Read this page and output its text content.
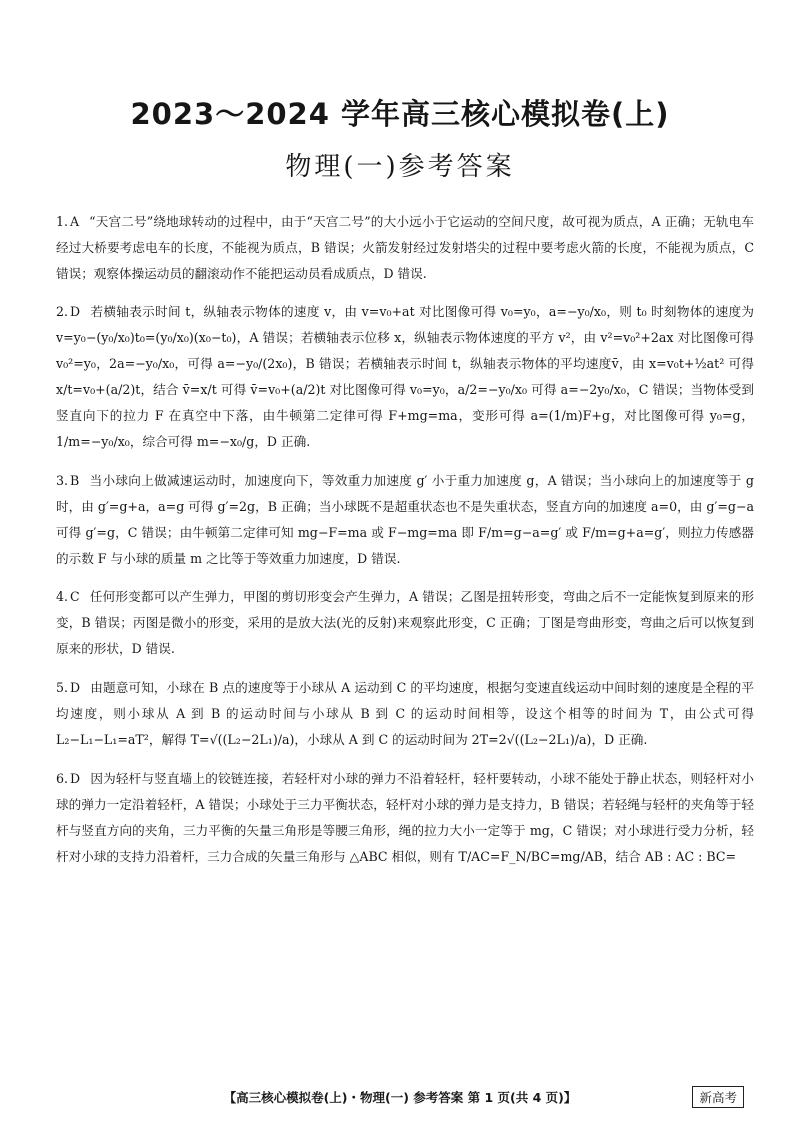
2023～2024 学年高三核心模拟卷(上)
物理(一)参考答案

1. A “天宫二号”绕地球转动的过程中，由于“天宫二号”的大小远小于它运动的空间尺度，故可视为质点，A 正确；无轨电车经过大桥要考虑电车的长度，不能视为质点，B 错误；火箭发射经过发射塔尖的过程中要考虑火箭的长度，不能视为质点，C 错误；观察体操运动员的翻滚动作不能把运动员看成质点，D 错误.

2. D 若横轴表示时间 t，纵轴表示物体的速度 v，由 v=v₀+at 对比图像可得 v₀=y₀，a=−y₀/x₀，则 t₀ 时刻物体的速度为 v=y₀−(y₀/x₀)t₀=(y₀/x₀)(x₀−t₀)，A 错误；若横轴表示位移 x，纵轴表示物体速度的平方 v²，由 v²=v₀²+2ax 对比图像可得 v₀²=y₀，2a=−y₀/x₀，可得 a=−y₀/(2x₀)，B 错误；若横轴表示时间 t，纵轴表示物体的平均速度v̄，由 x=v₀t+½at² 可得 x/t=v₀+(a/2)t，结合 v̄=x/t 可得 v̄=v₀+(a/2)t 对比图像可得 v₀=y₀，a/2=−y₀/x₀ 可得 a=−2y₀/x₀，C 错误；当物体受到竖直向下的拉力 F 在真空中下落，由牛顿第二定律可得 F+mg=ma，变形可得 a=(1/m)F+g，对比图像可得 y₀=g，1/m=−y₀/x₀，综合可得 m=−x₀/g，D 正确.

3. B 当小球向上做减速运动时，加速度向下，等效重力加速度 g′ 小于重力加速度 g，A 错误；当小球向上的加速度等于 g 时，由 g′=g+a，a=g 可得 g′=2g，B 正确；当小球既不是超重状态也不是失重状态，竖直方向的加速度 a=0，由 g′=g−a 可得 g′=g，C 错误；由牛顿第二定律可知 mg−F=ma 或 F−mg=ma 即 F/m=g−a=g′ 或 F/m=g+a=g′，则拉力传感器的示数 F 与小球的质量 m 之比等于等效重力加速度，D 错误.

4. C 任何形变都可以产生弹力，甲图的剪切形变会产生弹力，A 错误；乙图是扭转形变，弯曲之后不一定能恢复到原来的形变，B 错误；丙图是微小的形变，采用的是放大法(光的反射)来观察此形变，C 正确；丁图是弯曲形变，弯曲之后可以恢复到原来的形状，D 错误.

5. D 由题意可知，小球在 B 点的速度等于小球从 A 运动到 C 的平均速度，根据匀变速直线运动中间时刻的速度是全程的平均速度，则小球从 A 到 B 的运动时间与小球从 B 到 C 的运动时间相等，设这个相等的时间为 T，由公式可得 L₂−L₁−L₁=aT²，解得 T=√((L₂−2L₁)/a)，小球从 A 到 C 的运动时间为 2T=2√((L₂−2L₁)/a)，D 正确.

6. D 因为轻杆与竖直墙上的铰链连接，若轻杆对小球的弹力不沿着轻杆，轻杆要转动，小球不能处于静止状态，则轻杆对小球的弹力一定沿着轻杆，A 错误；小球处于三力平衡状态，轻杆对小球的弹力是支持力，B 错误；若轻绳与轻杆的夹角等于轻杆与竖直方向的夹角，三力平衡的矢量三角形是等腰三角形，绳的拉力大小一定等于 mg，C 错误；对小球进行受力分析，轻杆对小球的支持力沿着杆，三力合成的矢量三角形与 △ABC 相似，则有 T/AC=F_N/BC=mg/AB，结合 AB : AC : BC=

【高三核心模拟卷(上)・物理(一) 参考答案 第 1 页(共 4 页)】	新高考
